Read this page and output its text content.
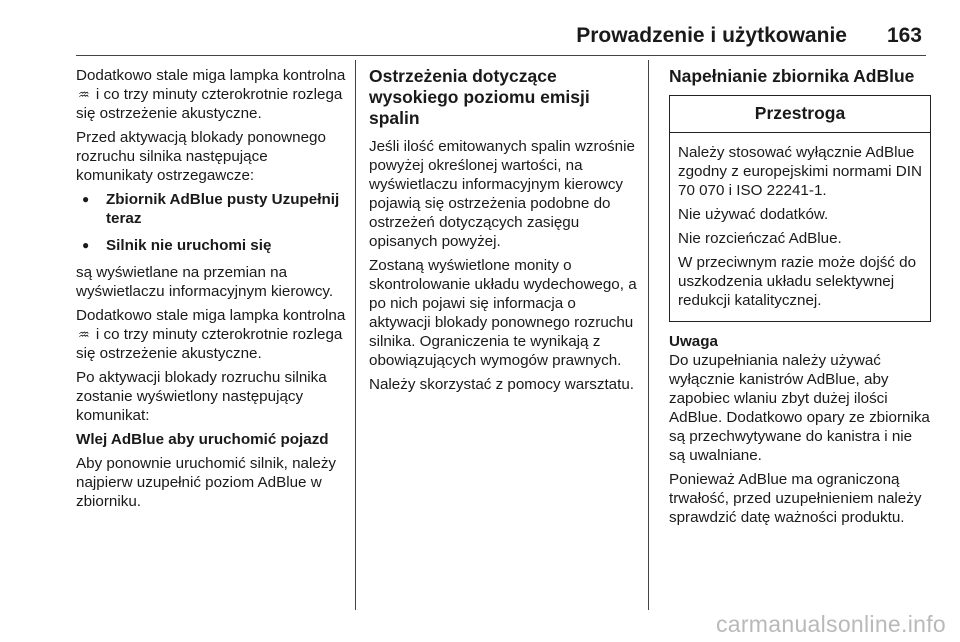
Prowadzenie i użytkowanie 163

Dodatkowo stale miga lampka kontrolna ♒︎ i co trzy minuty czterokrotnie rozlega się ostrzeżenie akustyczne.

Przed aktywacją blokady ponownego rozruchu silnika następujące komunikaty ostrzegawcze:

● Zbiornik AdBlue pusty Uzupełnij teraz
● Silnik nie uruchomi się

są wyświetlane na przemian na wyświetlaczu informacyjnym kierowcy.

Dodatkowo stale miga lampka kontrolna ♒︎ i co trzy minuty czterokrotnie rozlega się ostrzeżenie akustyczne.

Po aktywacji blokady rozruchu silnika zostanie wyświetlony następujący komunikat:

Wlej AdBlue aby uruchomić pojazd

Aby ponownie uruchomić silnik, należy najpierw uzupełnić poziom AdBlue w zbiorniku.

Ostrzeżenia dotyczące wysokiego poziomu emisji spalin

Jeśli ilość emitowanych spalin wzrośnie powyżej określonej wartości, na wyświetlaczu informacyjnym kierowcy pojawią się ostrzeżenia podobne do ostrzeżeń dotyczących zasięgu opisanych powyżej.

Zostaną wyświetlone monity o skontrolowanie układu wydechowego, a po nich pojawi się informacja o aktywacji blokady ponownego rozruchu silnika. Ograniczenia te wynikają z obowiązujących wymogów prawnych.

Należy skorzystać z pomocy warsztatu.

Napełnianie zbiornika AdBlue
Przestroga

Należy stosować wyłącznie AdBlue zgodny z europejskimi normami DIN 70 070 i ISO 22241-1.

Nie używać dodatków.

Nie rozcieńczać AdBlue.

W przeciwnym razie może dojść do uszkodzenia układu selektywnej redukcji katalitycznej.

Uwaga

Do uzupełniania należy używać wyłącznie kanistrów AdBlue, aby zapobiec wlaniu zbyt dużej ilości AdBlue. Dodatkowo opary ze zbiornika są przechwytywane do kanistra i nie są uwalniane.

Ponieważ AdBlue ma ograniczoną trwałość, przed uzupełnieniem należy sprawdzić datę ważności produktu.

carmanualsonline.info
